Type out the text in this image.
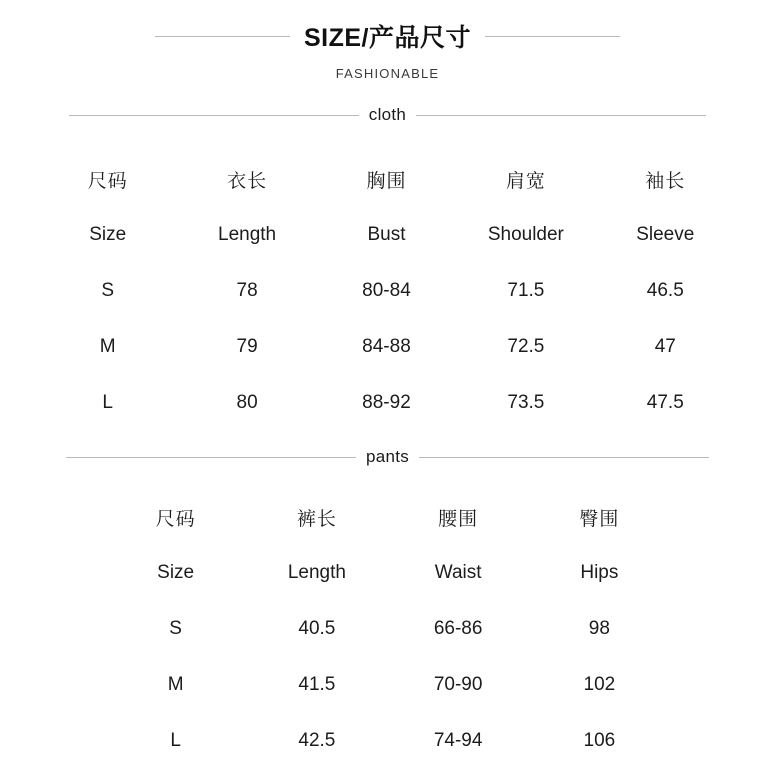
SIZE/产品尺寸
FASHIONABLE
cloth
尺码	衣长	胸围	肩宽	袖长
Size	Length	Bust	Shoulder	Sleeve
S	78	80-84	71.5	46.5
M	79	84-88	72.5	47
L	80	88-92	73.5	47.5
pants
尺码	裤长	腰围	臀围
Size	Length	Waist	Hips
S	40.5	66-86	98
M	41.5	70-90	102
L	42.5	74-94	106
